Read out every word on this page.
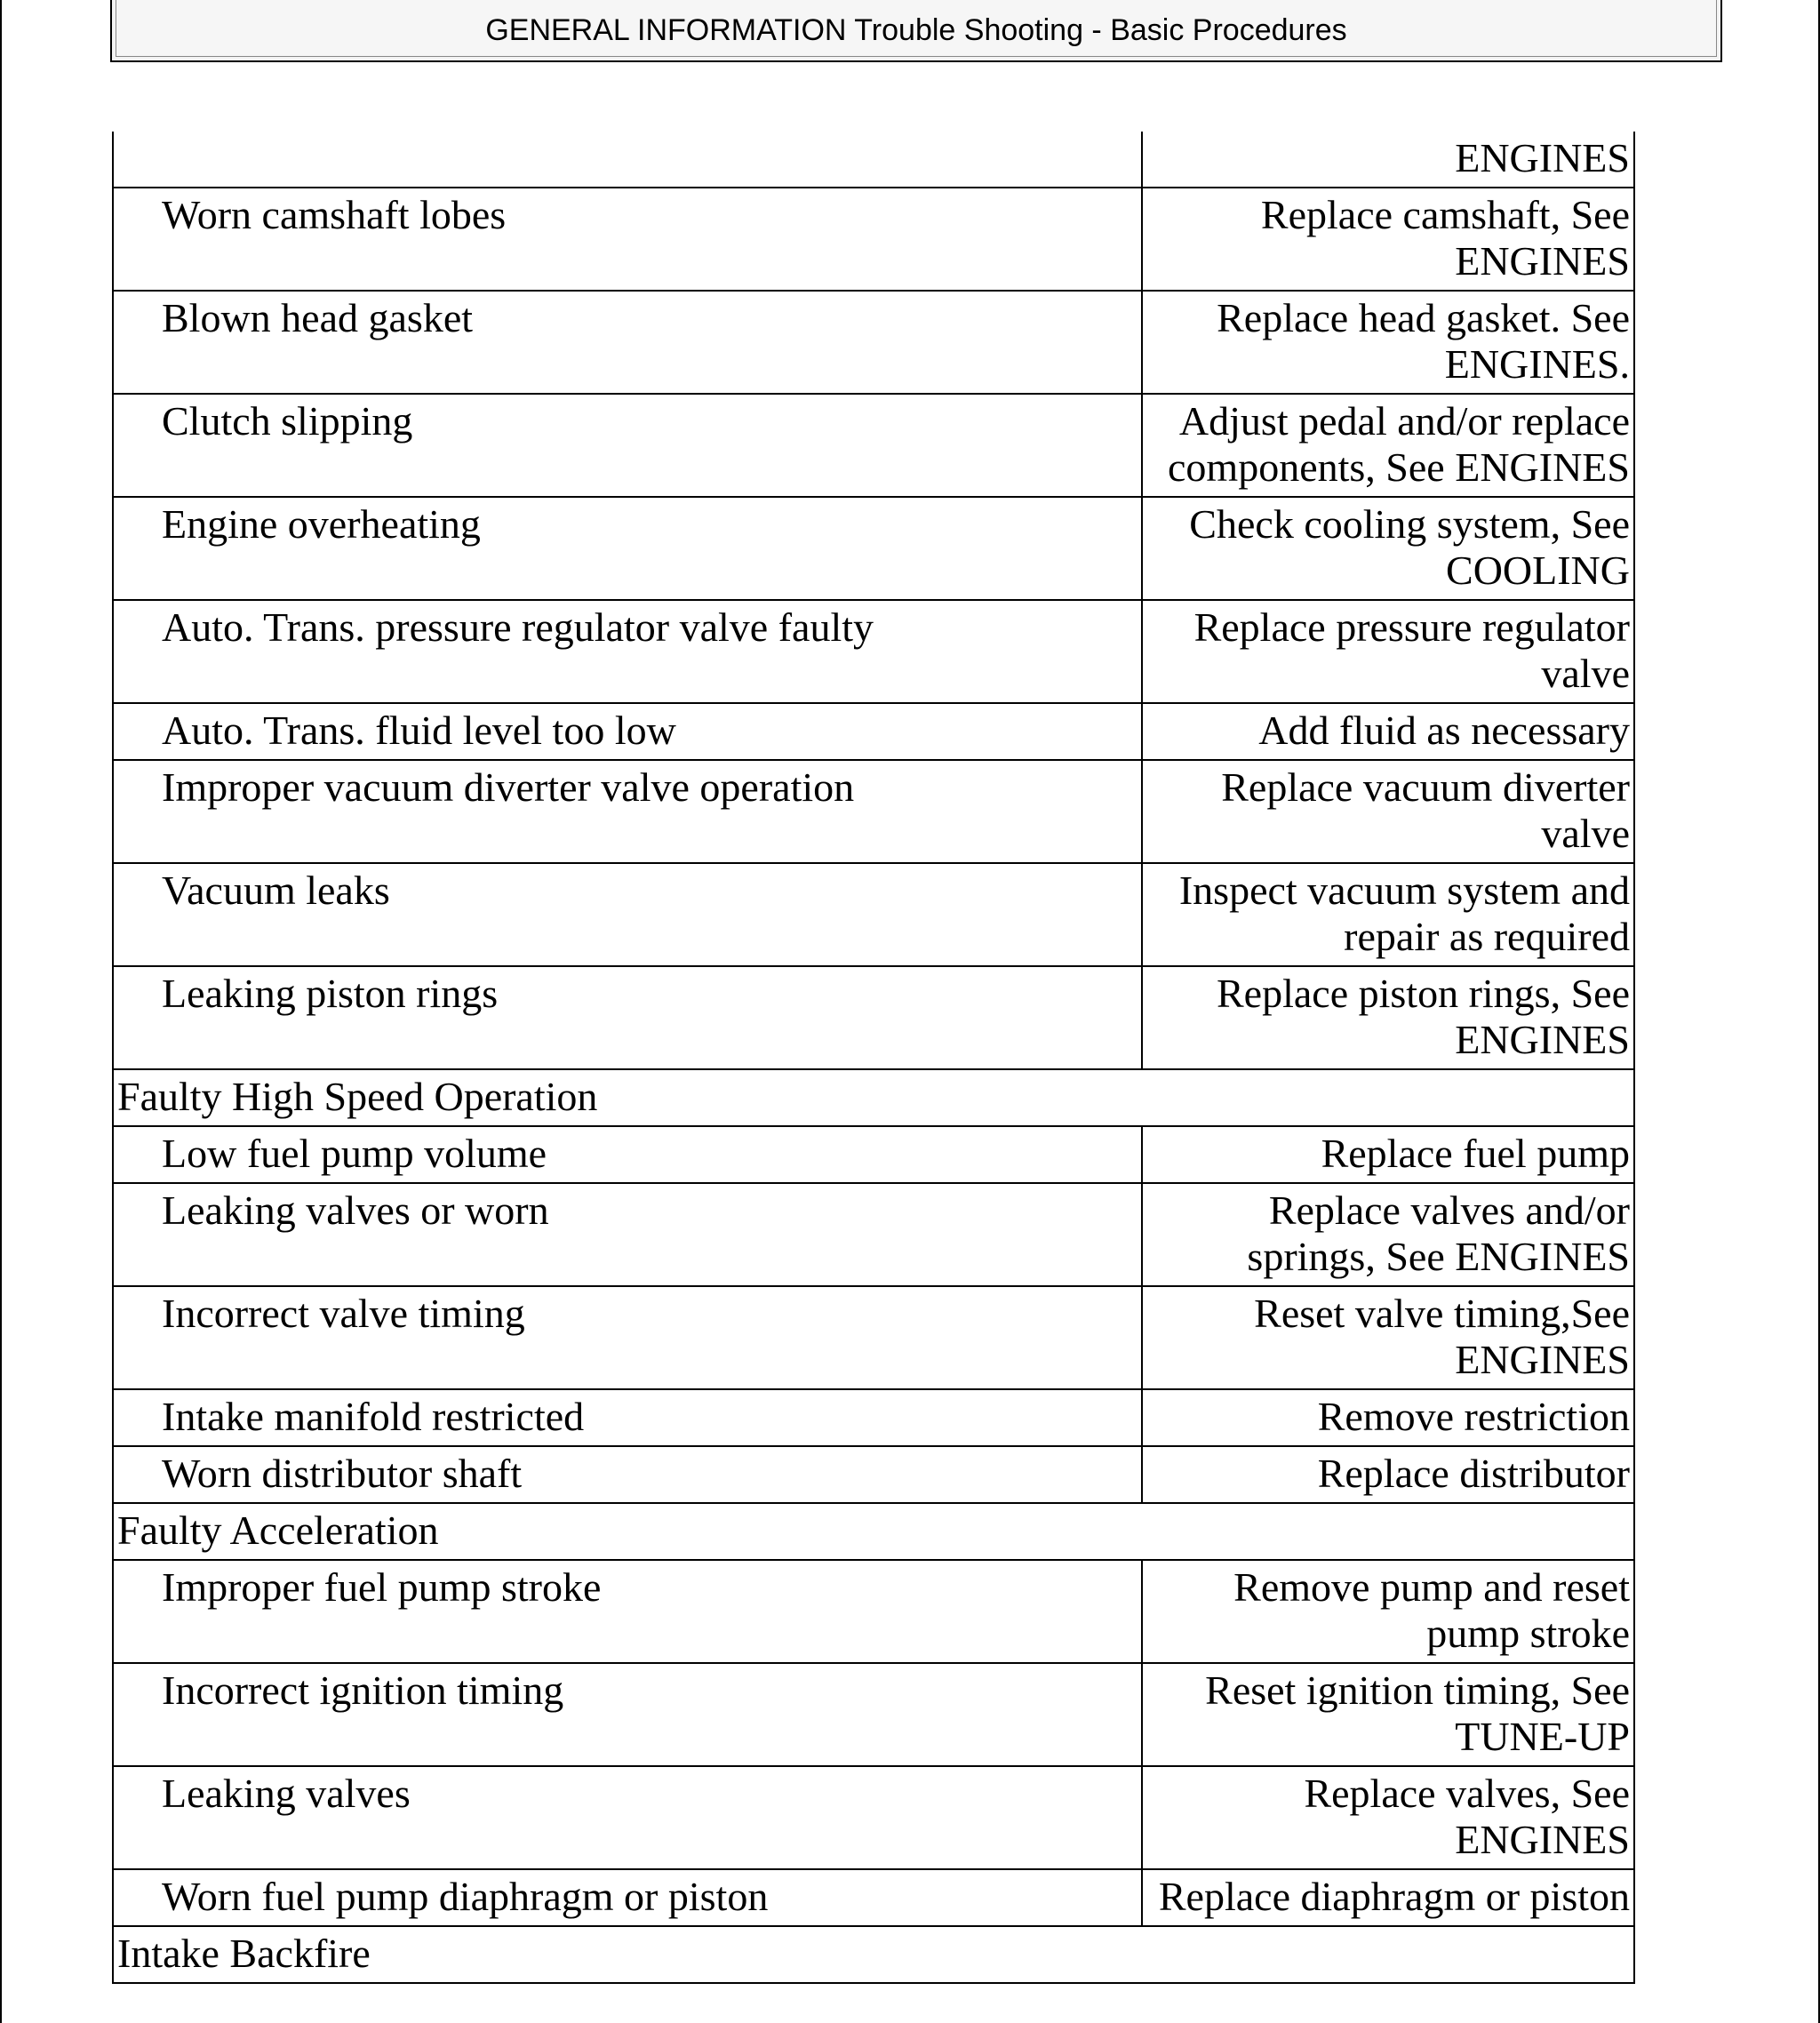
GENERAL INFORMATION Trouble Shooting - Basic Procedures
	ENGINES
Worn camshaft lobes	Replace camshaft, See ENGINES
Blown head gasket	Replace head gasket. See ENGINES.
Clutch slipping	Adjust pedal and/or replace components, See ENGINES
Engine overheating	Check cooling system, See COOLING
Auto. Trans. pressure regulator valve faulty	Replace pressure regulator valve
Auto. Trans. fluid level too low	Add fluid as necessary
Improper vacuum diverter valve operation	Replace vacuum diverter valve
Vacuum leaks	Inspect vacuum system and repair as required
Leaking piston rings	Replace piston rings, See ENGINES
Faulty High Speed Operation	
Low fuel pump volume	Replace fuel pump
Leaking valves or worn	Replace valves and/or springs, See ENGINES
Incorrect valve timing	Reset valve timing,See ENGINES
Intake manifold restricted	Remove restriction
Worn distributor shaft	Replace distributor
Faulty Acceleration	
Improper fuel pump stroke	Remove pump and reset pump stroke
Incorrect ignition timing	Reset ignition timing, See TUNE-UP
Leaking valves	Replace valves, See ENGINES
Worn fuel pump diaphragm or piston	Replace diaphragm or piston
Intake Backfire	
